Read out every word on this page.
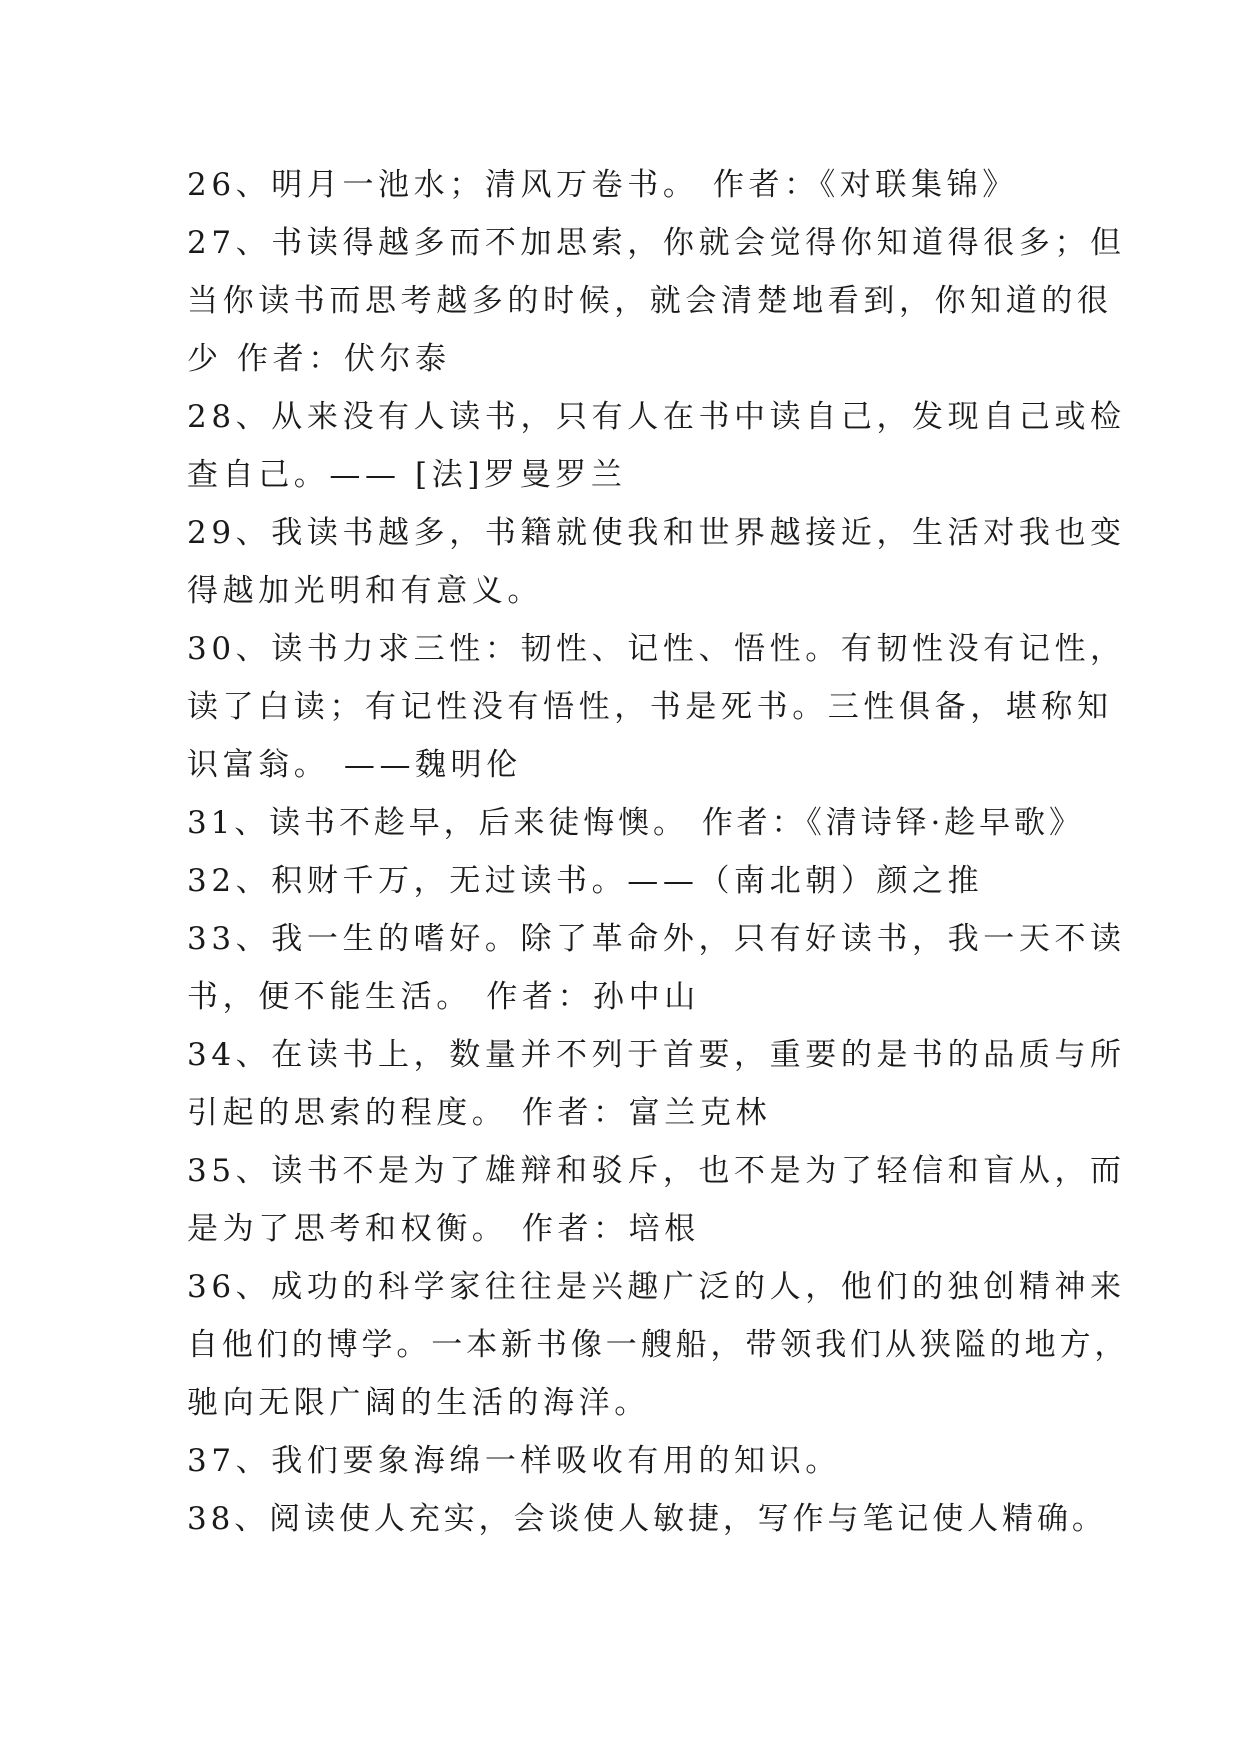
26、明月一池水；清风万卷书。 作者：《对联集锦》
27、书读得越多而不加思索，你就会觉得你知道得很多；但
当你读书而思考越多的时候，就会清楚地看到，你知道的很
少 作者：伏尔泰
28、从来没有人读书，只有人在书中读自己，发现自己或检
查自己。—— [法]罗曼罗兰
29、我读书越多，书籍就使我和世界越接近，生活对我也变
得越加光明和有意义。
30、读书力求三性：韧性、记性、悟性。有韧性没有记性，
读了白读；有记性没有悟性，书是死书。三性俱备，堪称知
识富翁。 ——魏明伦
31、读书不趁早，后来徒悔懊。 作者：《清诗铎·趁早歌》
32、积财千万，无过读书。——（南北朝）颜之推
33、我一生的嗜好。除了革命外，只有好读书，我一天不读
书，便不能生活。 作者：孙中山
34、在读书上，数量并不列于首要，重要的是书的品质与所
引起的思索的程度。 作者：富兰克林
35、读书不是为了雄辩和驳斥，也不是为了轻信和盲从，而
是为了思考和权衡。 作者：培根
36、成功的科学家往往是兴趣广泛的人，他们的独创精神来
自他们的博学。一本新书像一艘船，带领我们从狭隘的地方，
驰向无限广阔的生活的海洋。
37、我们要象海绵一样吸收有用的知识。
38、阅读使人充实，会谈使人敏捷，写作与笔记使人精确。
